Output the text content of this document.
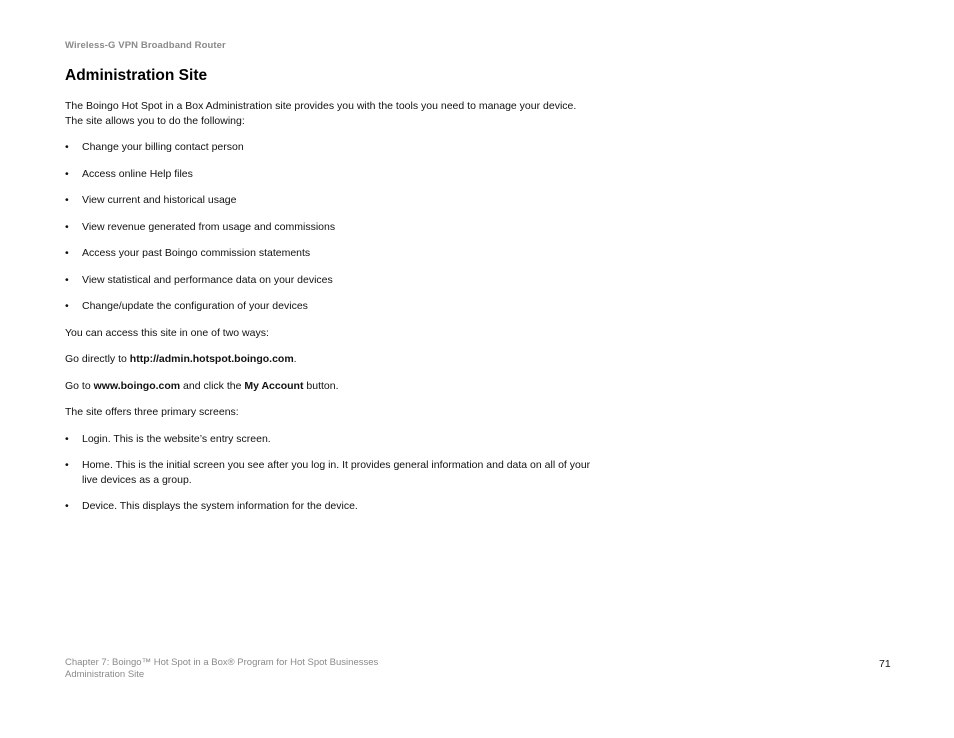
Wireless-G VPN Broadband Router
Administration Site

The Boingo Hot Spot in a Box Administration site provides you with the tools you need to manage your device. The site allows you to do the following:

•	Change your billing contact person
•	Access online Help files
•	View current and historical usage
•	View revenue generated from usage and commissions
•	Access your past Boingo commission statements
•	View statistical and performance data on your devices
•	Change/update the configuration of your devices

You can access this site in one of two ways:

Go directly to http://admin.hotspot.boingo.com.

Go to www.boingo.com and click the My Account button.

The site offers three primary screens:

•	Login. This is the website’s entry screen.
•	Home. This is the initial screen you see after you log in. It provides general information and data on all of your live devices as a group.
•	Device. This displays the system information for the device.
Chapter 7: Boingo™ Hot Spot in a Box® Program for Hot Spot Businesses
Administration Site
71
